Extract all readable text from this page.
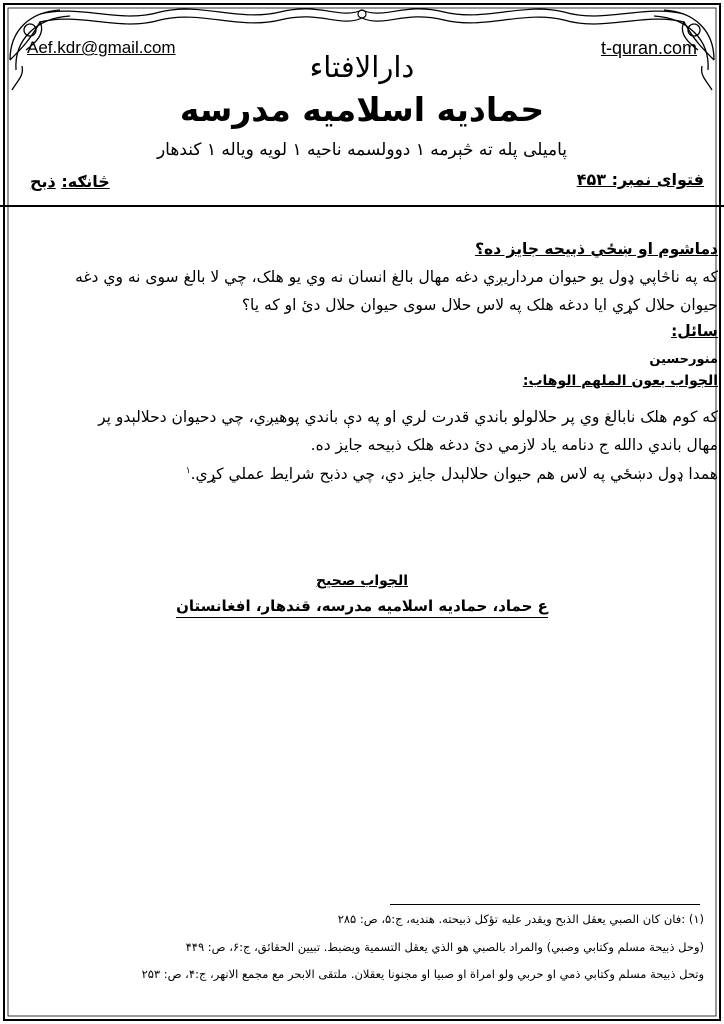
Aef.kdr@gmail.com	t-quran.com
دارالافتاء
حمادیه اسلامیه مدرسه
پامیلی پله ته څېرمه ١ دوولسمه ناحیه ١ لویه ویاله ١ کندهار
فتوای نمبر: ۴۵۳
څانګه: ذبح
دماشوم او ښځي ذبیحه جایز ده؟
که په ناڅاپي ډول یو حیوان مرداریږي دغه مهال بالغ انسان نه وي یو هلک، چي لا بالغ سوی نه وي دغه
حیوان حلال کړي ایا ددغه هلک په لاس حلال سوی حیوان حلال دئ او که یا؟
سائل:
منورحسین
الجواب بعون الملهم الوهاب:
که کوم هلک نابالغ وي پر حلالولو باندي قدرت لري او په دې باندي پوهیږي، چي دحیوان دحلالېدو پر
مهال باندي دالله ج دنامه یاد لازمي دئ ددغه هلک ذبیحه جایز ده.
همدا ډول دښځي په لاس هم حیوان حلالېدل جایز دي، چي دذبح شرایط عملي کړي.$^١$
الجواب صحیح
ع حماد، حمادیه اسلامیه مدرسه، قندهار، افغانستان
(١) :فان کان الصبي یعقل الذبح ویقدر علیه تؤکل ذبیحته. هندیه، ج:۵، ص: ۲۸۵
(وحل ذبیحة مسلم وکتابي وصبي) والمراد بالصبي هو الذي یعقل التسمیة ویضبط. تبیین الحقائق، ج:۶، ص: ۴۴۹
وتحل ذبیحة مسلم وکتابي ذمي او حربي ولو امراة او صبیا او مجنونا یعقلان. ملتقی الابحر مع مجمع الانهر، ج:۴، ص: ۲۵۳
